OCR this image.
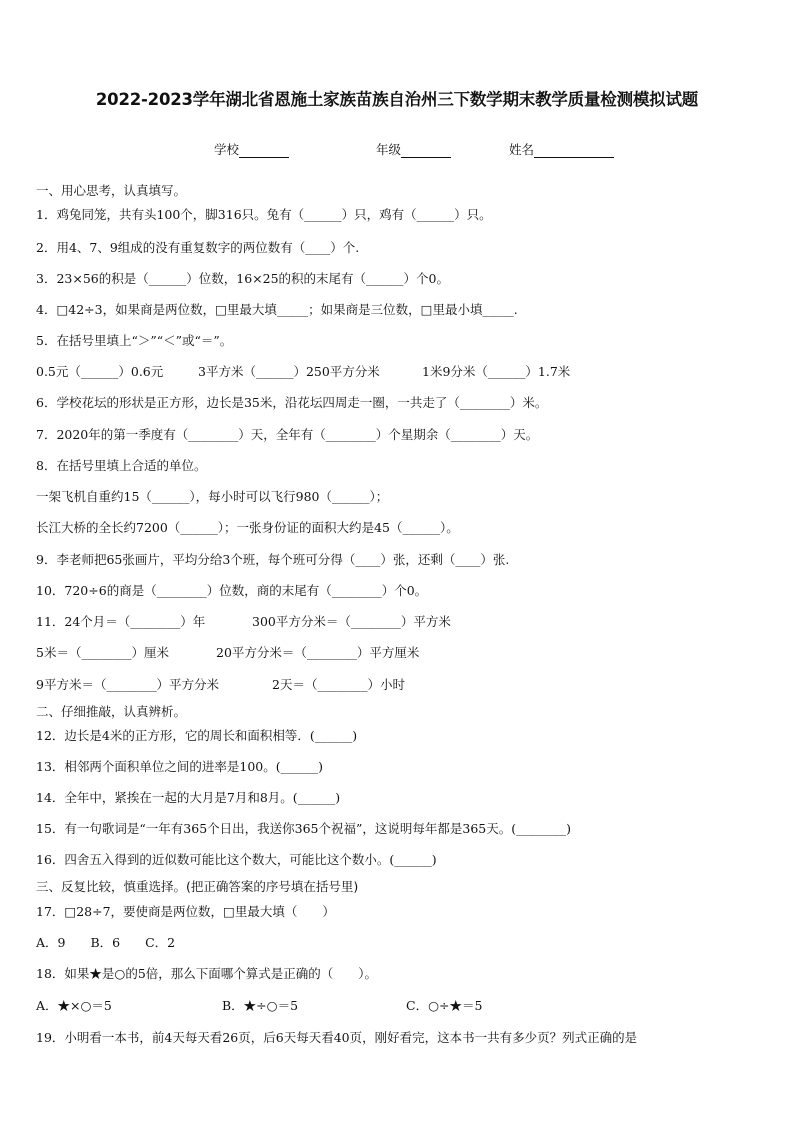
2022-2023学年湖北省恩施土家族苗族自治州三下数学期末教学质量检测模拟试题
学校	年级	姓名
一、用心思考，认真填写。
1．鸡兔同笼，共有头100个，脚316只。兔有（______）只，鸡有（______）只。
2．用4、7、9组成的没有重复数字的两位数有（____）个.
3．23×56的积是（______）位数，16×25的积的末尾有（______）个0。
4．□42÷3，如果商是两位数，□里最大填_____；如果商是三位数，□里最小填_____.
5．在括号里填上“＞”“＜”或“＝”。
0.5元（______）0.6元	3平方米（______）250平方分米	1米9分米（______）1.7米
6．学校花坛的形状是正方形，边长是35米，沿花坛四周走一圈，一共走了（________）米。
7．2020年的第一季度有（________）天，全年有（________）个星期余（________）天。
8．在括号里填上合适的单位。
一架飞机自重约15（______），每小时可以飞行980（______）；
长江大桥的全长约7200（______）；一张身份证的面积大约是45（______）。
9．李老师把65张画片，平均分给3个班，每个班可分得（____）张，还剩（____）张.
10．720÷6的商是（________）位数，商的末尾有（________）个0。
11．24个月＝（________）年	300平方分米＝（________）平方米
5米＝（________）厘米	20平方分米＝（________）平方厘米
9平方米＝（________）平方分米	2天＝（________）小时
二、仔细推敲，认真辨析。
12．边长是4米的正方形，它的周长和面积相等．(______)
13．相邻两个面积单位之间的进率是100。(______)
14．全年中，紧挨在一起的大月是7月和8月。(______)
15．有一句歌词是“一年有365个日出，我送你365个祝福”，这说明每年都是365天。(________)
16．四舍五入得到的近似数可能比这个数大，可能比这个数小。(______)
三、反复比较，慎重选择。(把正确答案的序号填在括号里)
17．□28÷7，要使商是两位数，□里最大填（　　）
A．9　　B．6　　C．2
18．如果★是○的5倍，那么下面哪个算式是正确的（　　）。
A．★×○＝5	B．★÷○＝5	C．○÷★＝5
19．小明看一本书，前4天每天看26页，后6天每天看40页，刚好看完，这本书一共有多少页？列式正确的是
